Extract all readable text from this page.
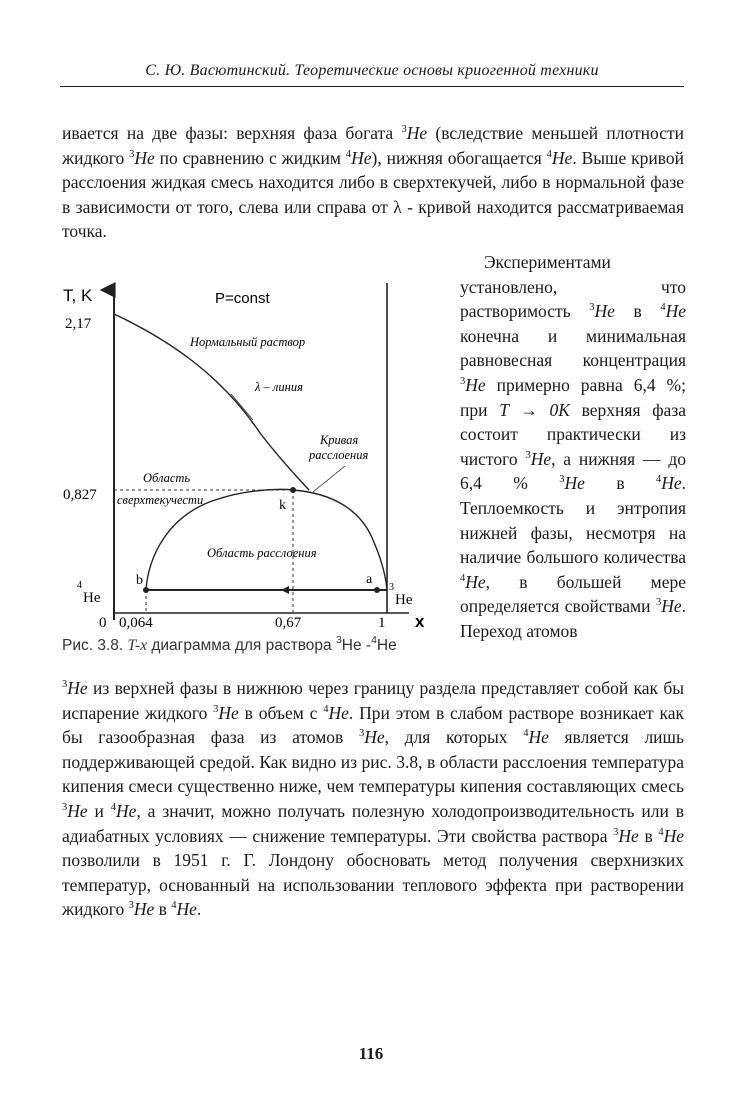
С. Ю. Васютинский. Теоретические основы криогенной техники

ивается на две фазы: верхняя фаза богата $^3$He (вследствие меньшей плотности жидкого $^3$He по сравнению с жидким $^4$He), нижняя обогащается $^4$He. Выше кривой расслоения жидкая смесь находится либо в сверхтекучей, либо в нормальной фазе в зависимости от того, слева или справа от λ - кривой находится рассматриваемая точка.

T, K	P=const
2,17
0,827
Нормальный раствор
λ – линия
Кривая
расслоения
Область
сверхтекучести	k
Область расслоения
b	a
4
He
3
He
0 0,064	0,67	1 x
Рис. 3.8. T-x диаграмма для раствора $^3$He -$^4$He

Экспериментами установлено, что растворимость $^3$He в $^4$He конечна и минимальная равновесная концентрация $^3$He примерно равна 6,4 %; при T → 0K верхняя фаза состоит практически из чистого $^3$He, а нижняя — до 6,4 % $^3$He в $^4$He. Теплоемкость и энтропия нижней фазы, несмотря на наличие большого количества $^4$He, в большей мере определяется свойствами $^3$He. Переход атомов

$^3$He из верхней фазы в нижнюю через границу раздела представляет собой как бы испарение жидкого $^3$He в объем с $^4$He. При этом в слабом растворе возникает как бы газообразная фаза из атомов $^3$He, для которых $^4$He является лишь поддерживающей средой. Как видно из рис. 3.8, в области расслоения температура кипения смеси существенно ниже, чем температуры кипения составляющих смесь $^3$He и $^4$He, а значит, можно получать полезную холодопроизводительность или в адиабатных условиях — снижение температуры. Эти свойства раствора $^3$He в $^4$He позволили в 1951 г. Г. Лондону обосновать метод получения сверхнизких температур, основанный на использовании теплового эффекта при растворении жидкого $^3$He в $^4$He.

116
